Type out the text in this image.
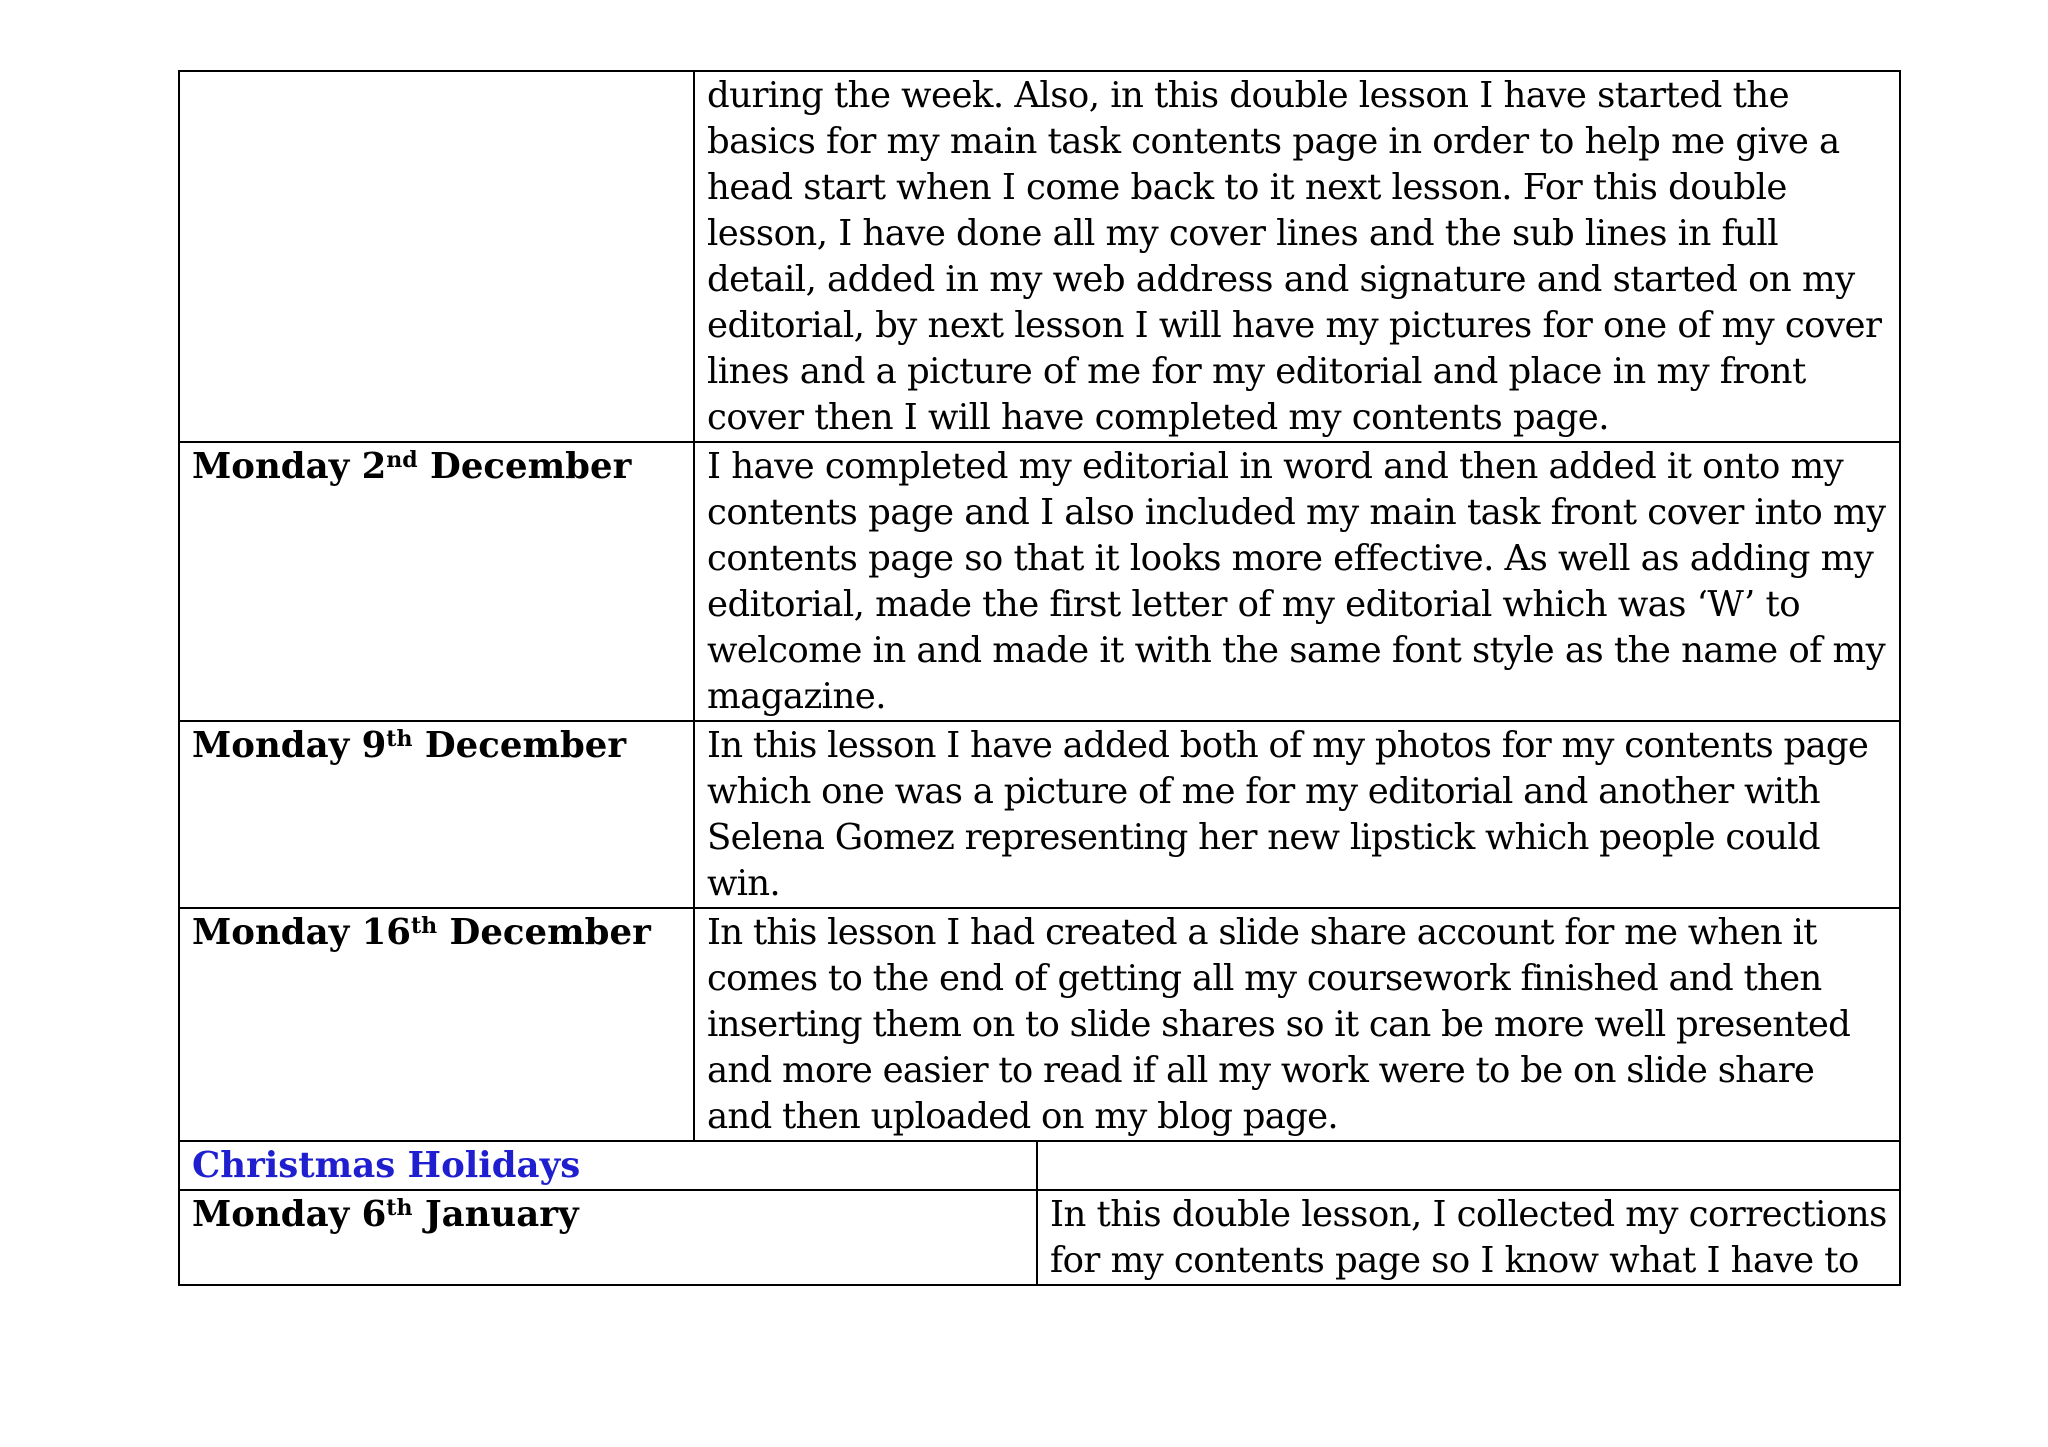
	during the week. Also, in this double lesson I have started the basics for my main task contents page in order to help me give a head start when I come back to it next lesson. For this double lesson, I have done all my cover lines and the sub lines in full detail, added in my web address and signature and started on my editorial, by next lesson I will have my pictures for one of my cover lines and a picture of me for my editorial and place in my front cover then I will have completed my contents page.	
Monday 2nd December	I have completed my editorial in word and then added it onto my contents page and I also included my main task front cover into my contents page so that it looks more effective. As well as adding my editorial, made the first letter of my editorial which was ‘W’ to welcome in and made it with the same font style as the name of my magazine.	
Monday 9th December	In this lesson I have added both of my photos for my contents page which one was a picture of me for my editorial and another with Selena Gomez representing her new lipstick which people could win.	
Monday 16th December	In this lesson I had created a slide share account for me when it comes to the end of getting all my coursework finished and then inserting them on to slide shares so it can be more well presented and more easier to read if all my work were to be on slide share and then uploaded on my blog page.	
Christmas Holidays		
Monday 6th January		In this double lesson, I collected my corrections for my contents page so I know what I have to
